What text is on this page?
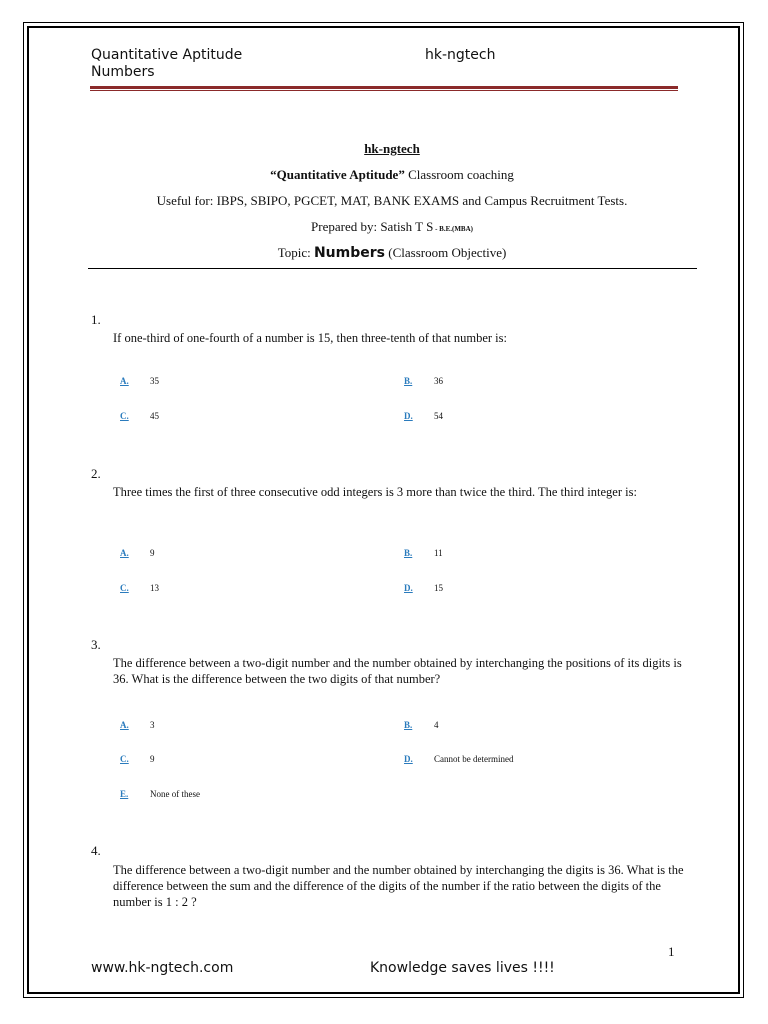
Quantitative Aptitude
Numbers
hk-ngtech
hk-ngtech
“Quantitative Aptitude” Classroom coaching
Useful for: IBPS, SBIPO, PGCET, MAT, BANK EXAMS and Campus Recruitment Tests.
Prepared by: Satish T S - B.E.(MBA)
Topic: Numbers (Classroom Objective)
1.
If one-third of one-fourth of a number is 15, then three-tenth of that number is:
A. 35	B. 36
C. 45	D. 54
2.
Three times the first of three consecutive odd integers is 3 more than twice the third. The third integer is:
A. 9	B. 11
C. 13	D. 15
3.
The difference between a two-digit number and the number obtained by interchanging the positions of its digits is 36. What is the difference between the two digits of that number?
A. 3	B. 4
C. 9	D. Cannot be determined
E. None of these
4.
The difference between a two-digit number and the number obtained by interchanging the digits is 36. What is the difference between the sum and the difference of the digits of the number if the ratio between the digits of the number is 1 : 2 ?
1
www.hk-ngtech.com	Knowledge saves lives !!!!
